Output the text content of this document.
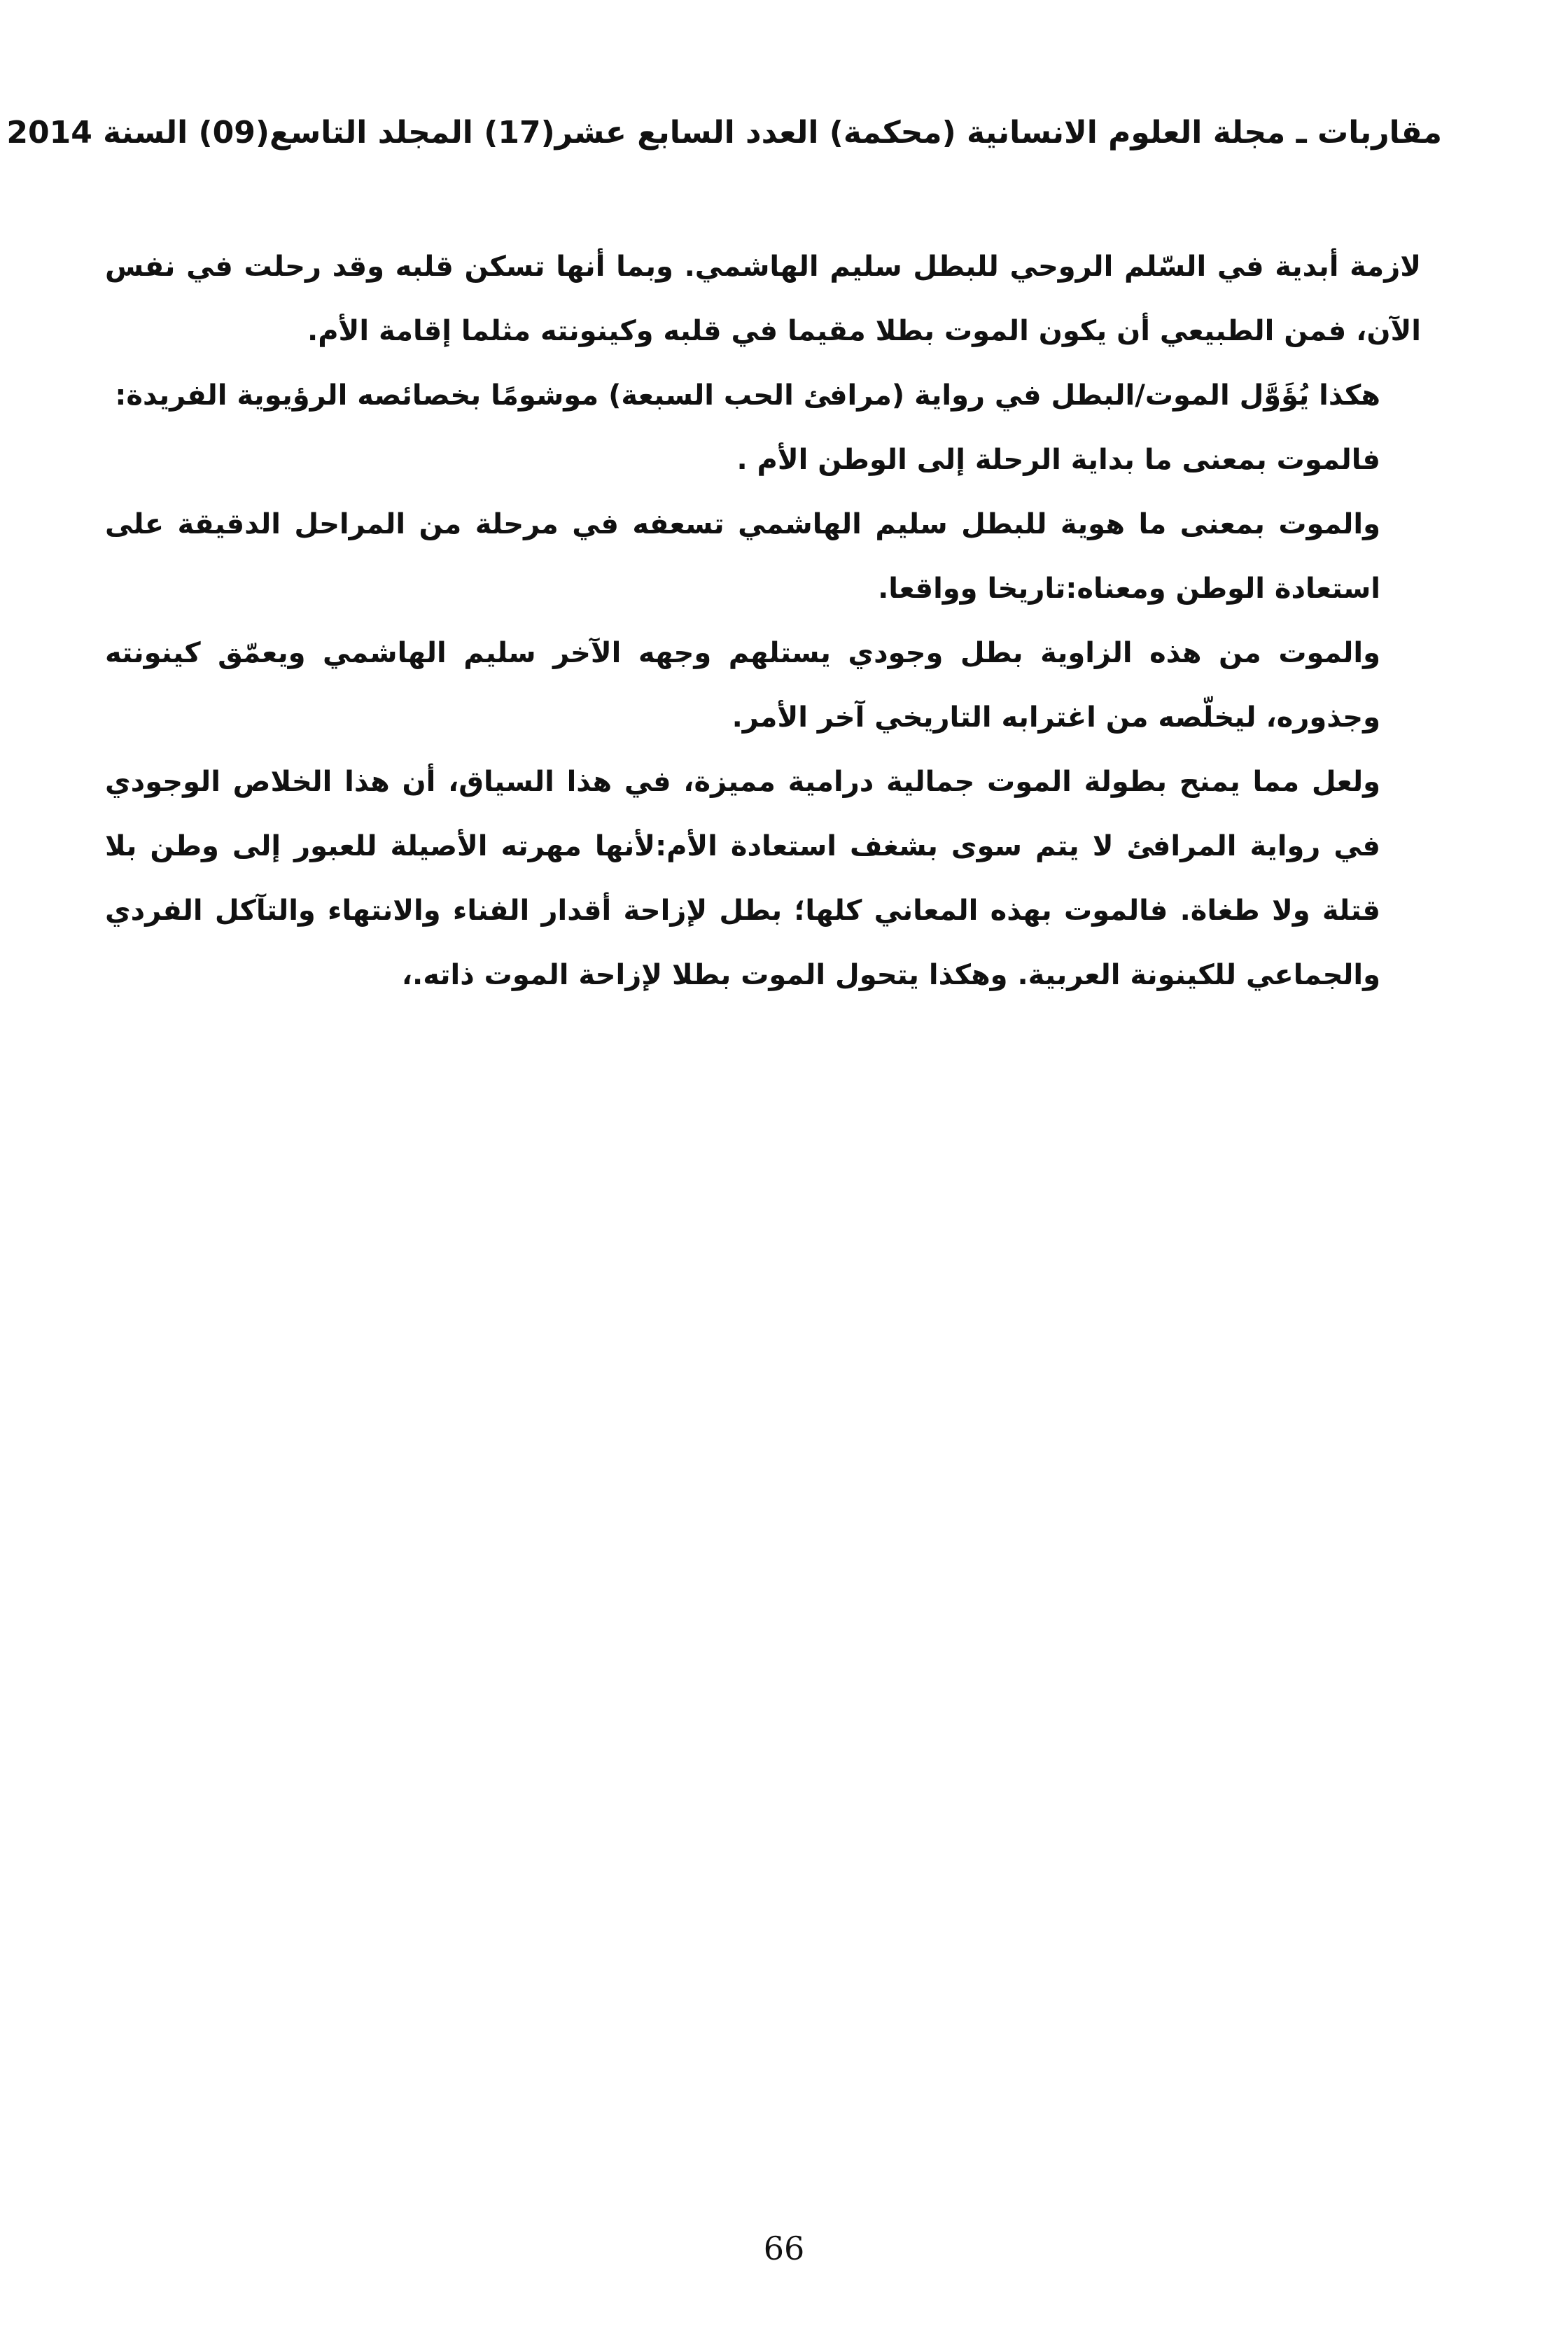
مقاربات ـ مجلة العلوم الانسانية (محكمة) العدد السابع عشر(17) المجلد التاسع(09) السنة 2014

لازمة أبدية في السّلم الروحي للبطل سليم الهاشمي. وبما أنها تسكن قلبه وقد رحلت في نفس الآن، فمن الطبيعي أن يكون الموت بطلا مقيما في قلبه وكينونته مثلما إقامة الأم.

هكذا يُؤَوَّل الموت/البطل في رواية (مرافئ الحب السبعة) موشومًا بخصائصه الرؤيوية الفريدة:

فالموت بمعنى ما بداية الرحلة إلى الوطن الأم .

والموت بمعنى ما هوية للبطل سليم الهاشمي تسعفه في مرحلة من المراحل الدقيقة على استعادة الوطن ومعناه:تاريخا وواقعا.

والموت من هذه الزاوية بطل وجودي يستلهم وجهه الآخر سليم الهاشمي ويعمّق كينونته وجذوره، ليخلّصه من اغترابه التاريخي آخر الأمر.

ولعل مما يمنح بطولة الموت جمالية درامية مميزة، في هذا السياق، أن هذا الخلاص الوجودي في رواية المرافئ لا يتم سوى بشغف استعادة الأم:لأنها مهرته الأصيلة للعبور إلى وطن بلا قتلة ولا طغاة. فالموت بهذه المعاني كلها؛ بطل لإزاحة أقدار الفناء والانتهاء والتآكل الفردي والجماعي للكينونة العربية. وهكذا يتحول الموت بطلا لإزاحة الموت ذاته.،

66
